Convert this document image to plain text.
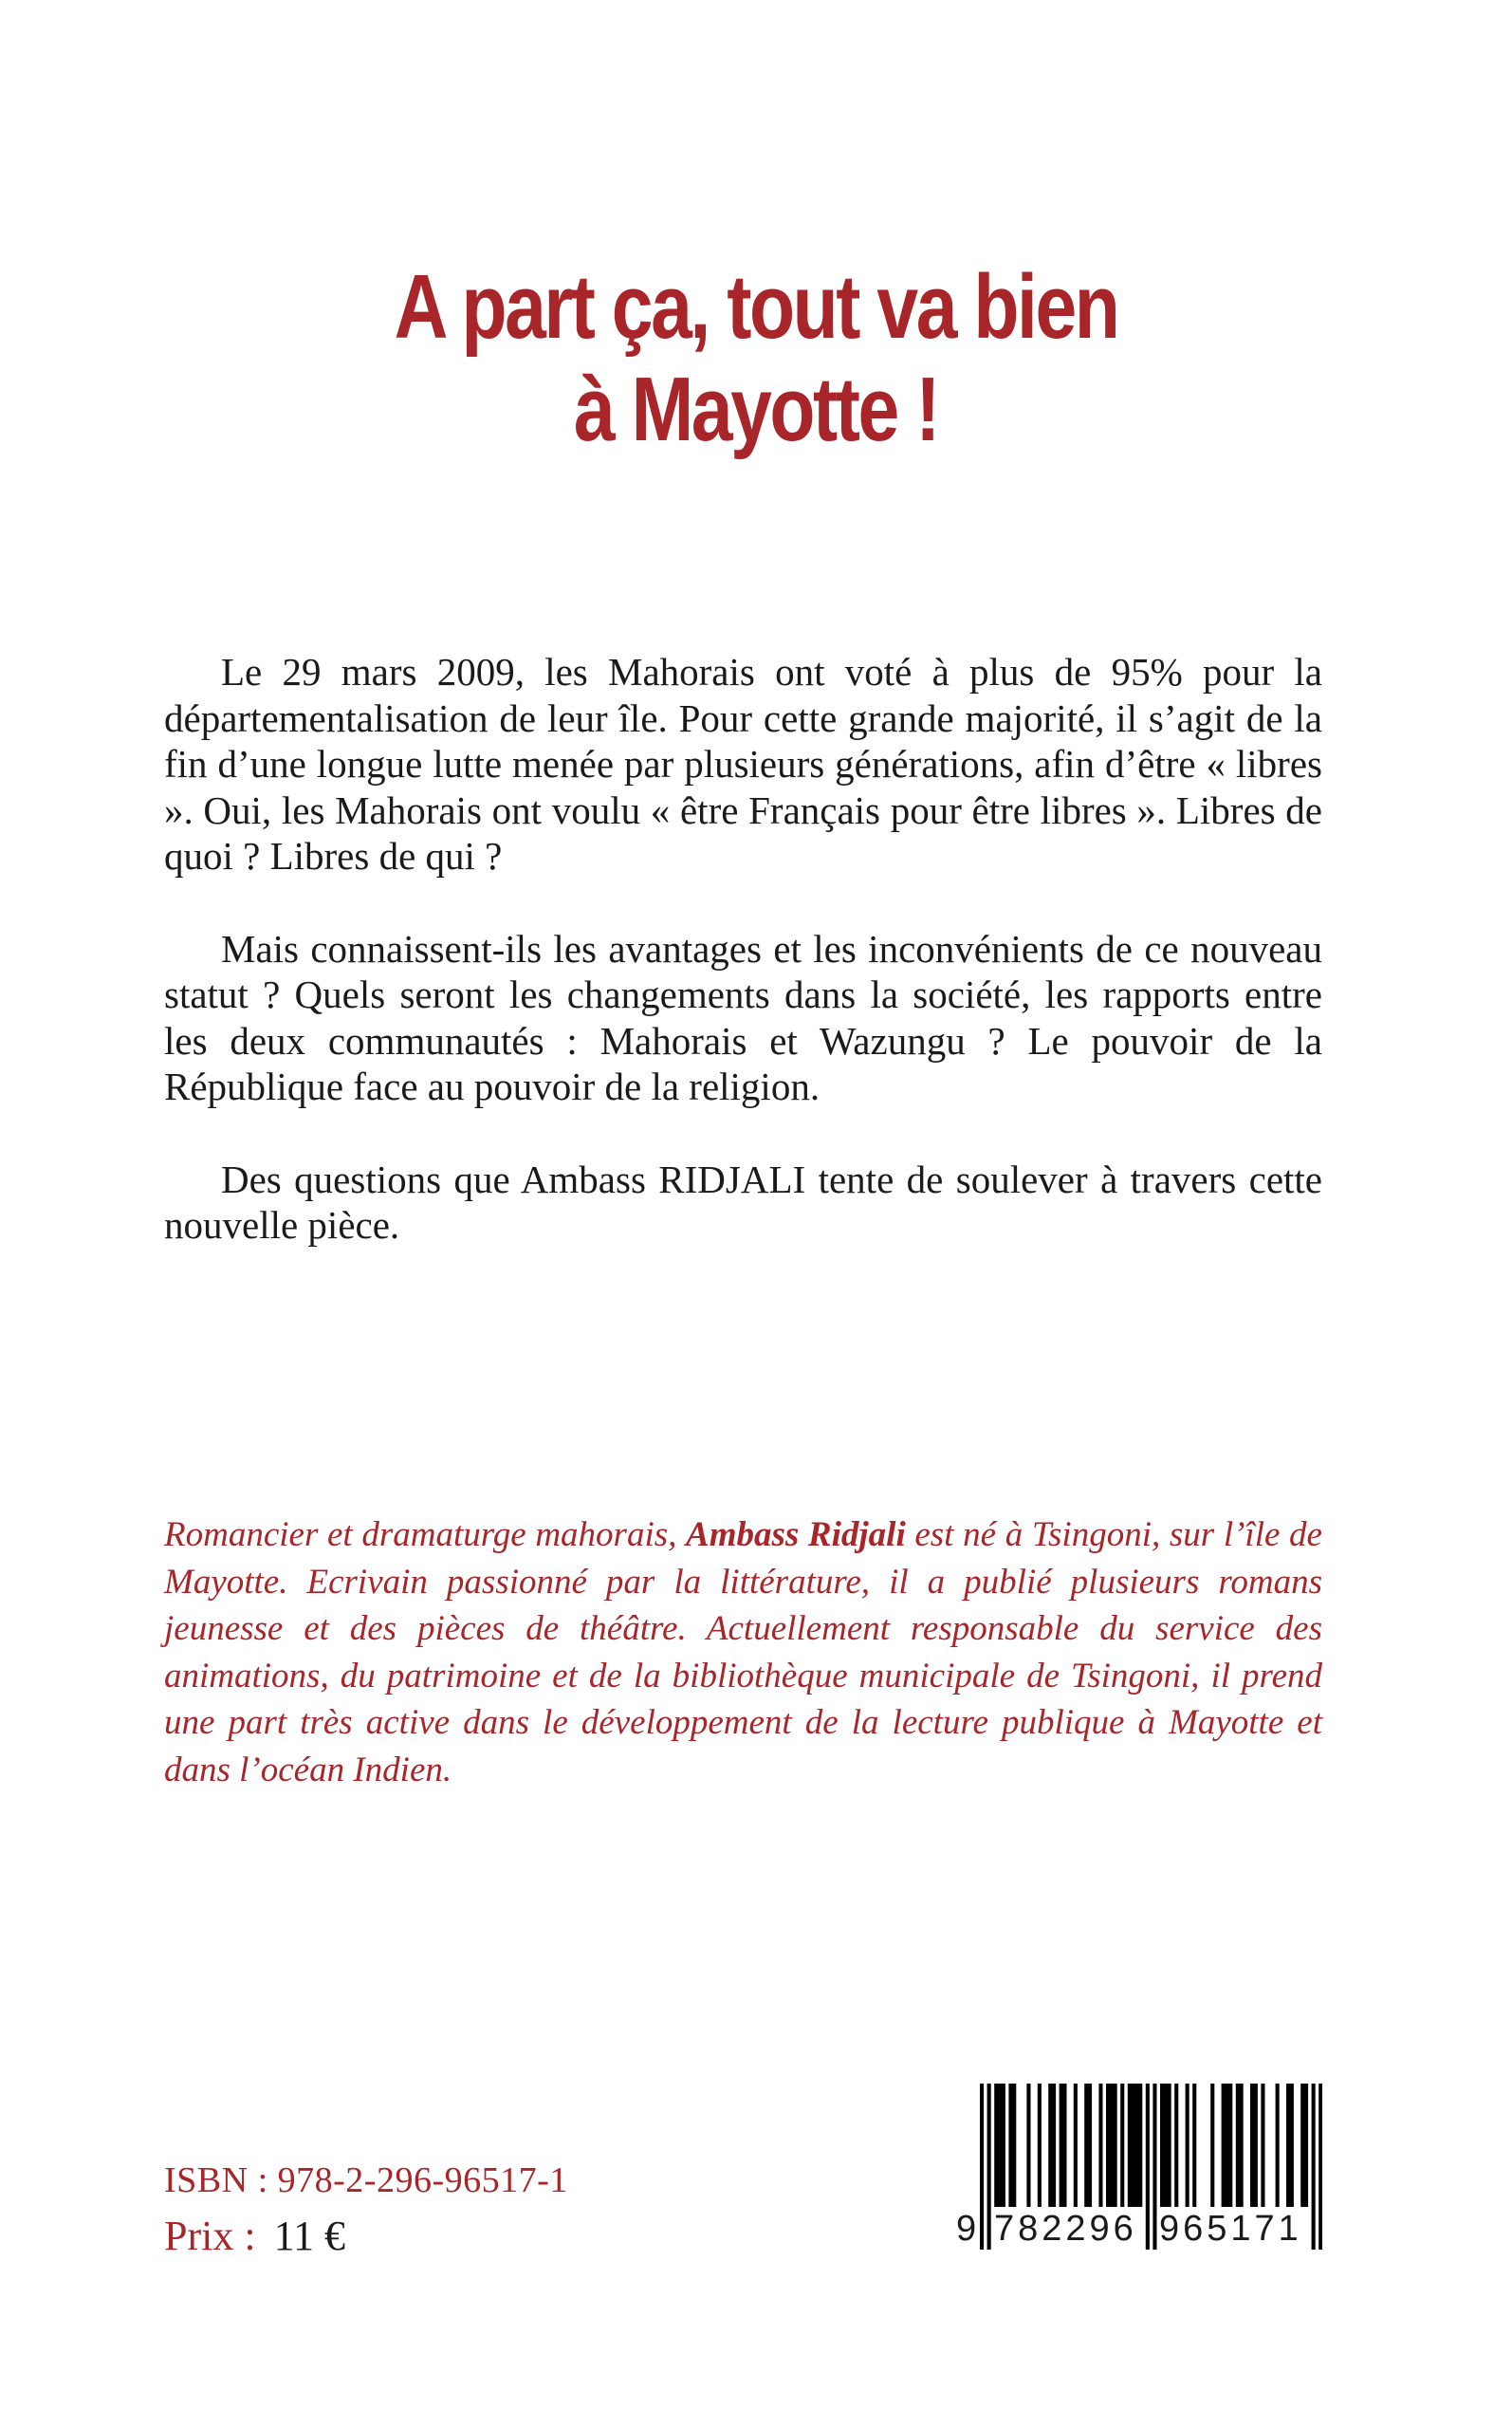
A part ça, tout va bien
à Mayotte !

Le 29 mars 2009, les Mahorais ont voté à plus de 95% pour la départementalisation de leur île. Pour cette grande majorité, il s’agit de la fin d’une longue lutte menée par plusieurs générations, afin d’être « libres ». Oui, les Mahorais ont voulu « être Français pour être libres ». Libres de quoi ? Libres de qui ?

Mais connaissent-ils les avantages et les inconvénients de ce nouveau statut ? Quels seront les changements dans la société, les rapports entre les deux communautés : Mahorais et Wazungu ? Le pouvoir de la République face au pouvoir de la religion.

Des questions que Ambass RIDJALI tente de soulever à travers cette nouvelle pièce.

Romancier et dramaturge mahorais, Ambass Ridjali est né à Tsingoni, sur l’île de Mayotte. Ecrivain passionné par la littérature, il a publié plusieurs romans jeunesse et des pièces de théâtre. Actuellement responsable du service des animations, du patrimoine et de la bibliothèque municipale de Tsingoni, il prend une part très active dans le développement de la lecture publique à Mayotte et dans l’océan Indien.
ISBN : 978-2-296-96517-1
Prix : 11 €	9 782296 965171
